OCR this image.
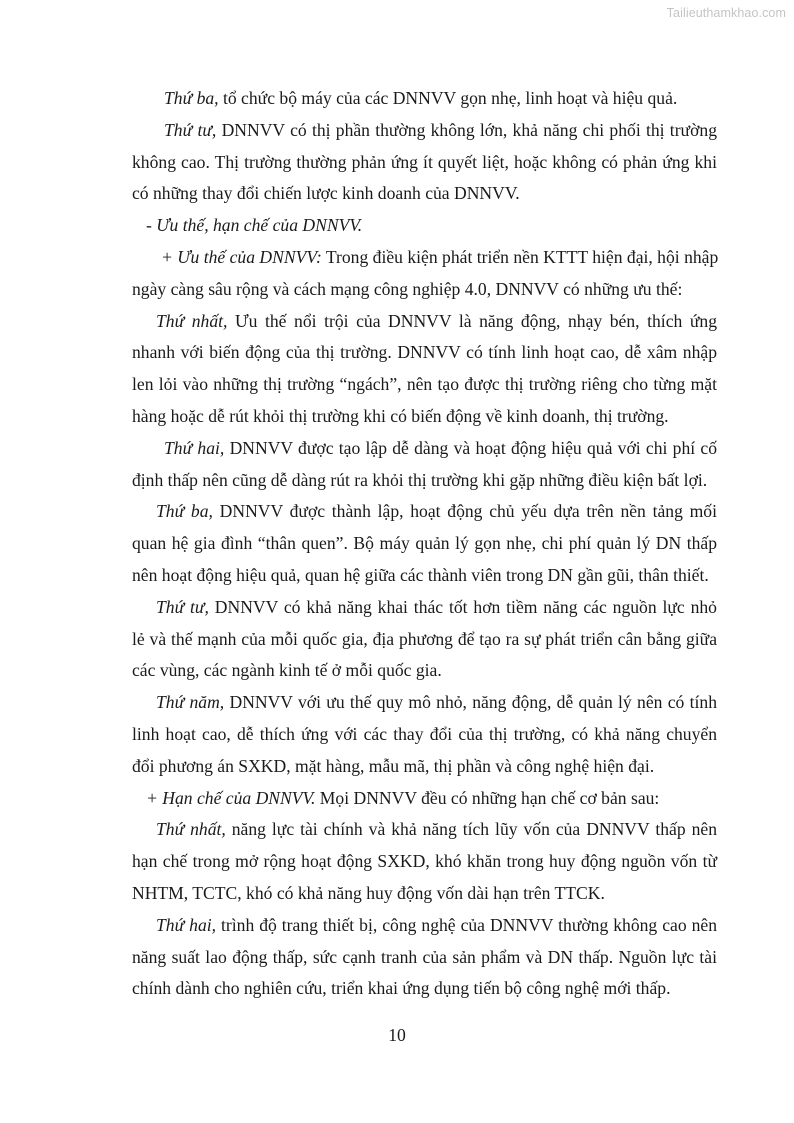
Tailieuthamkhao.com
Thứ ba, tổ chức bộ máy của các DNNVV gọn nhẹ, linh hoạt và hiệu quả.
Thứ tư, DNNVV có thị phần thường không lớn, khả năng chi phối thị trường
không cao. Thị trường thường phản ứng ít quyết liệt, hoặc không có phản ứng khi
có những thay đổi chiến lược kinh doanh của DNNVV.
- Ưu thế, hạn chế của DNNVV.
+ Ưu thế của DNNVV: Trong điều kiện phát triển nền KTTT hiện đại, hội nhập
ngày càng sâu rộng và cách mạng công nghiệp 4.0, DNNVV có những ưu thế:
Thứ nhất, Ưu thế nổi trội của DNNVV là năng động, nhạy bén, thích ứng
nhanh với biến động của thị trường. DNNVV có tính linh hoạt cao, dễ xâm nhập
len lỏi vào những thị trường “ngách”, nên tạo được thị trường riêng cho từng mặt
hàng hoặc dễ rút khỏi thị trường khi có biến động về kinh doanh, thị trường.
Thứ hai, DNNVV được tạo lập dễ dàng và hoạt động hiệu quả với chi phí cố
định thấp nên cũng dễ dàng rút ra khỏi thị trường khi gặp những điều kiện bất lợi.
Thứ ba, DNNVV được thành lập, hoạt động chủ yếu dựa trên nền tảng mối
quan hệ gia đình “thân quen”. Bộ máy quản lý gọn nhẹ, chi phí quản lý DN thấp
nên hoạt động hiệu quả, quan hệ giữa các thành viên trong DN gần gũi, thân thiết.
Thứ tư, DNNVV có khả năng khai thác tốt hơn tiềm năng các nguồn lực nhỏ
lẻ và thế mạnh của mỗi quốc gia, địa phương để tạo ra sự phát triển cân bằng giữa
các vùng, các ngành kinh tế ở mỗi quốc gia.
Thứ năm, DNNVV với ưu thế quy mô nhỏ, năng động, dễ quản lý nên có tính
linh hoạt cao, dễ thích ứng với các thay đổi của thị trường, có khả năng chuyển
đổi phương án SXKD, mặt hàng, mẫu mã, thị phần và công nghệ hiện đại.
+ Hạn chế của DNNVV. Mọi DNNVV đều có những hạn chế cơ bản sau:
Thứ nhất, năng lực tài chính và khả năng tích lũy vốn của DNNVV thấp nên
hạn chế trong mở rộng hoạt động SXKD, khó khăn trong huy động nguồn vốn từ
NHTM, TCTC, khó có khả năng huy động vốn dài hạn trên TTCK.
Thứ hai, trình độ trang thiết bị, công nghệ của DNNVV thường không cao nên
năng suất lao động thấp, sức cạnh tranh của sản phẩm và DN thấp. Nguồn lực tài
chính dành cho nghiên cứu, triển khai ứng dụng tiến bộ công nghệ mới thấp.
10
